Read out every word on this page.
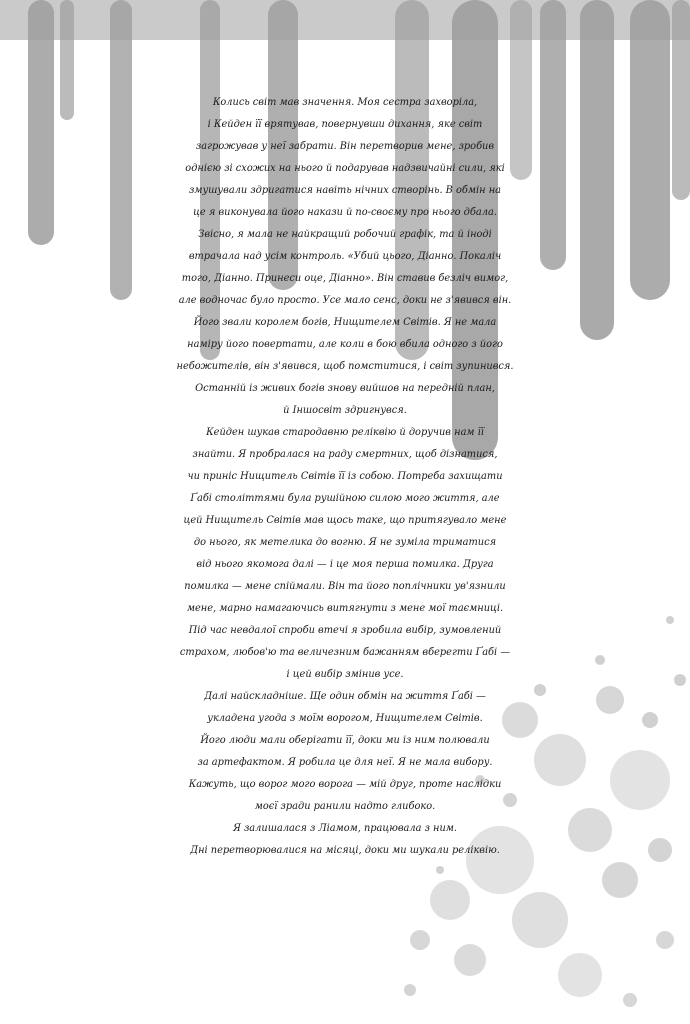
Колись світ мав значення. Моя сестра захворіла,
і Кейден її врятував, повернувши дихання, яке світ
загрожував у неї забрати. Він перетворив мене, зробив
однією зі схожих на нього й подарував надзвичайні сили, які
змушували здригатися навіть нічних створінь. В обмін на
це я виконувала його накази й по-своєму про нього дбала.
Звісно, я мала не найкращий робочий графік, та й іноді
втрачала над усім контроль. «Убий цього, Діанно. Покаліч
того, Діанно. Принеси оце, Діанно». Він ставив безліч вимог,
але водночас було просто. Усе мало сенс, доки не з'явився він.
Його звали королем богів, Нищителем Світів. Я не мала
наміру його повертати, але коли в бою вбила одного з його
небожителів, він з'явився, щоб помститися, і світ зупинився.
Останній із живих богів знову вийшов на передній план,
й Іншосвіт здригнувся.
Кейден шукав стародавню реліквію й доручив нам її
знайти. Я пробралася на раду смертних, щоб дізнатися,
чи приніс Нищитель Світів її із собою. Потреба захищати
Ґабі століттями була рушійною силою мого життя, але
цей Нищитель Світів мав щось таке, що притягувало мене
до нього, як метелика до вогню. Я не зуміла триматися
від нього якомога далі — і це моя перша помилка. Друга
помилка — мене спіймали. Він та його поплічники ув'язнили
мене, марно намагаючись витягнути з мене мої таємниці.
Під час невдалої спроби втечі я зробила вибір, зумовлений
страхом, любов'ю та величезним бажанням вберегти Ґабі —
і цей вибір змінив усе.
Далі найскладніше. Ще один обмін на життя Ґабі —
укладена угода з моїм ворогом, Нищителем Світів.
Його люди мали оберігати її, доки ми із ним полювали
за артефактом. Я робила це для неї. Я не мала вибору.
Кажуть, що ворог мого ворога — мій друг, проте наслідки
моєї зради ранили надто глибоко.
Я залишалася з Ліамом, працювала з ним.
Дні перетворювалися на місяці, доки ми шукали реліквію.
